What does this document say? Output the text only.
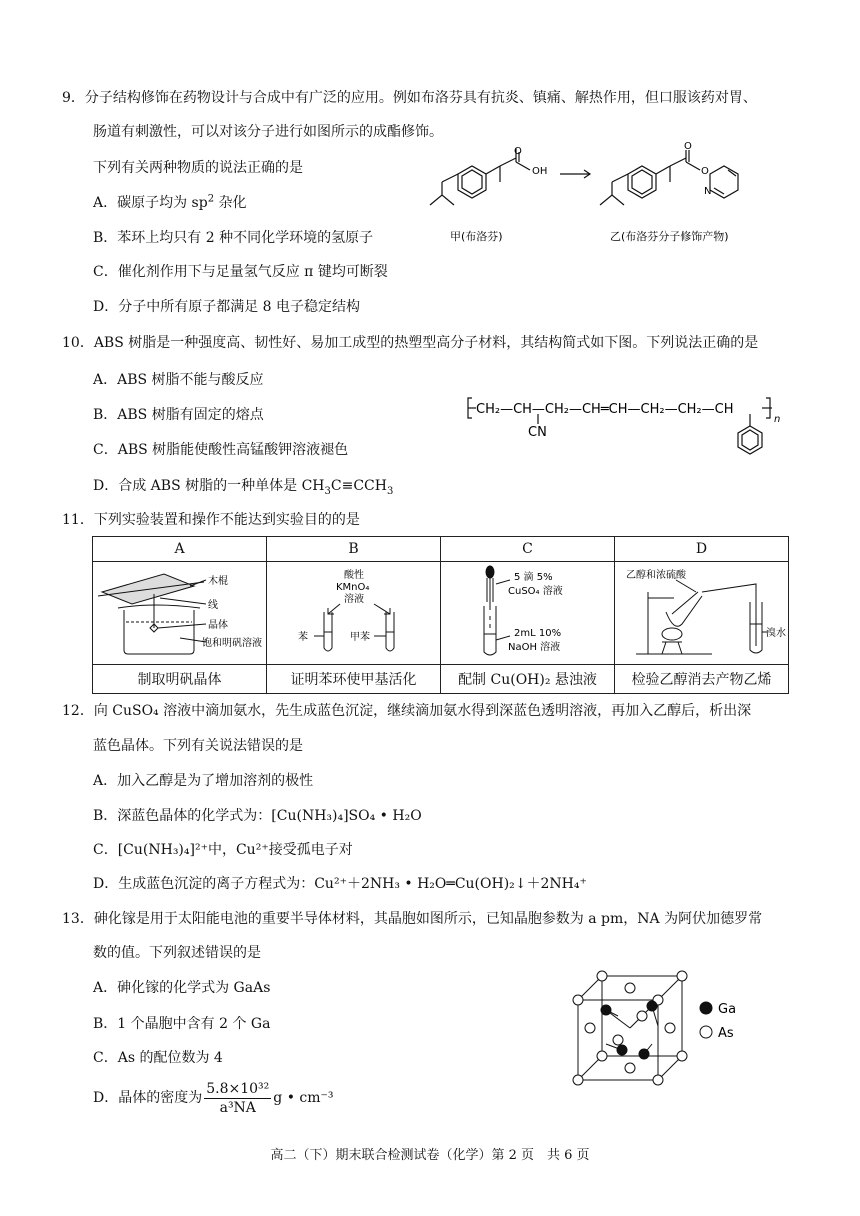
9．分子结构修饰在药物设计与合成中有广泛的应用。例如布洛芬具有抗炎、镇痛、解热作用，但口服该药对胃、
肠道有刺激性，可以对该分子进行如图所示的成酯修饰。
下列有关两种物质的说法正确的是
A．碳原子均为 $sp^2$ 杂化
B．苯环上均只有 2 种不同化学环境的氢原子
C．催化剂作用下与足量氢气反应 π 键均可断裂
D．分子中所有原子都满足 8 电子稳定结构
O
OH
O
O
N
甲(布洛芬)	乙(布洛芬分子修饰产物)
10．ABS 树脂是一种强度高、韧性好、易加工成型的热塑型高分子材料，其结构简式如下图。下列说法正确的是
A．ABS 树脂不能与酸反应
B．ABS 树脂有固定的熔点
C．ABS 树脂能使酸性高锰酸钾溶液褪色
D．合成 ABS 树脂的一种单体是 $CH_3C\equiv CCH_3$
CH₂—CH—CH₂—CH═CH—CH₂—CH₂—CH
CN
n
11．下列实验装置和操作不能达到实验目的的是
A	B	C	D

木棍
线
晶体
饱和明矾溶液	酸性
KMnO₄
溶液
苯 甲苯	5 滴 5%
CuSO₄ 溶液
2mL 10%
NaOH 溶液	乙醇和浓硫酸
溴水

制取明矾晶体	证明苯环使甲基活化	配制 Cu(OH)₂ 悬浊液	检验乙醇消去产物乙烯
12．向 CuSO₄ 溶液中滴加氨水，先生成蓝色沉淀，继续滴加氨水得到深蓝色透明溶液，再加入乙醇后，析出深
蓝色晶体。下列有关说法错误的是
A．加入乙醇是为了增加溶剂的极性
B．深蓝色晶体的化学式为：[Cu(NH₃)₄]SO₄ • H₂O
C．[Cu(NH₃)₄]²⁺中，Cu²⁺接受孤电子对
D．生成蓝色沉淀的离子方程式为：Cu²⁺＋2NH₃ • H₂O═Cu(OH)₂↓＋2NH₄⁺
13．砷化镓是用于太阳能电池的重要半导体材料，其晶胞如图所示，已知晶胞参数为 a pm，NA 为阿伏加德罗常
数的值。下列叙述错误的是
A．砷化镓的化学式为 GaAs
B．1 个晶胞中含有 2 个 Ga
C．As 的配位数为 4
D．晶体的密度为 $\frac{\text{5.8×10³²}}{\text{a³NA}}$ g • cm⁻³
Ga
As
高二（下）期末联合检测试卷（化学）第 2 页　共 6 页
